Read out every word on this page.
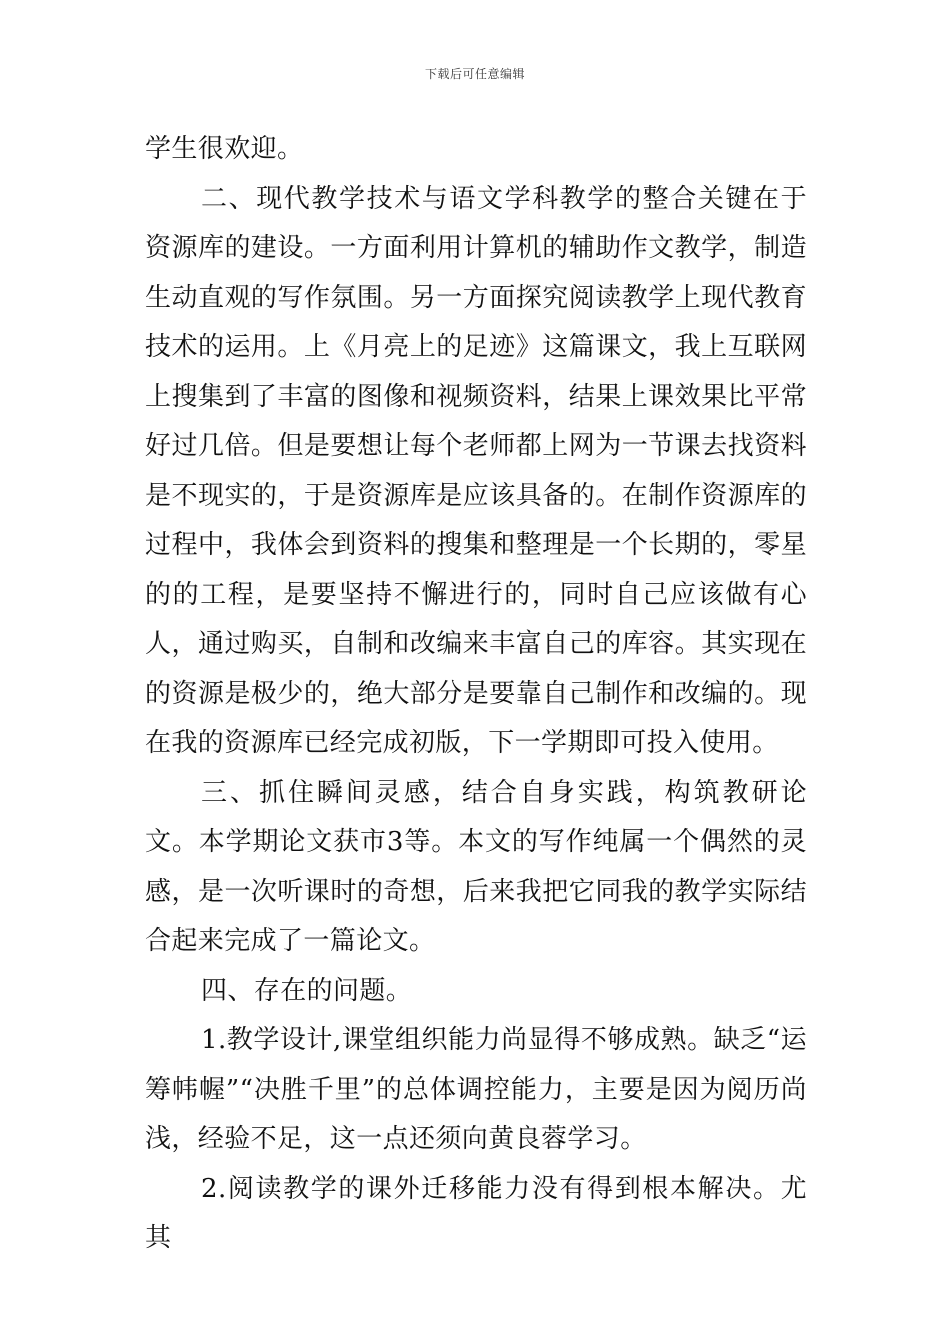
下载后可任意编辑

学生很欢迎。

二、现代教学技术与语文学科教学的整合关键在于资源库的建设。一方面利用计算机的辅助作文教学，制造生动直观的写作氛围。另一方面探究阅读教学上现代教育技术的运用。上《月亮上的足迹》这篇课文，我上互联网上搜集到了丰富的图像和视频资料，结果上课效果比平常好过几倍。但是要想让每个老师都上网为一节课去找资料是不现实的，于是资源库是应该具备的。在制作资源库的过程中，我体会到资料的搜集和整理是一个长期的，零星的的工程，是要坚持不懈进行的，同时自己应该做有心人，通过购买，自制和改编来丰富自己的库容。其实现在的资源是极少的，绝大部分是要靠自己制作和改编的。现在我的资源库已经完成初版，下一学期即可投入使用。

三、抓住瞬间灵感，结合自身实践，构筑教研论文。本学期论文获市3等。本文的写作纯属一个偶然的灵感，是一次听课时的奇想，后来我把它同我的教学实际结合起来完成了一篇论文。

四、存在的问题。

1.教学设计,课堂组织能力尚显得不够成熟。缺乏“运筹帏幄”“决胜千里”的总体调控能力，主要是因为阅历尚浅，经验不足，这一点还须向黄良蓉学习。

2.阅读教学的课外迁移能力没有得到根本解决。尤其
